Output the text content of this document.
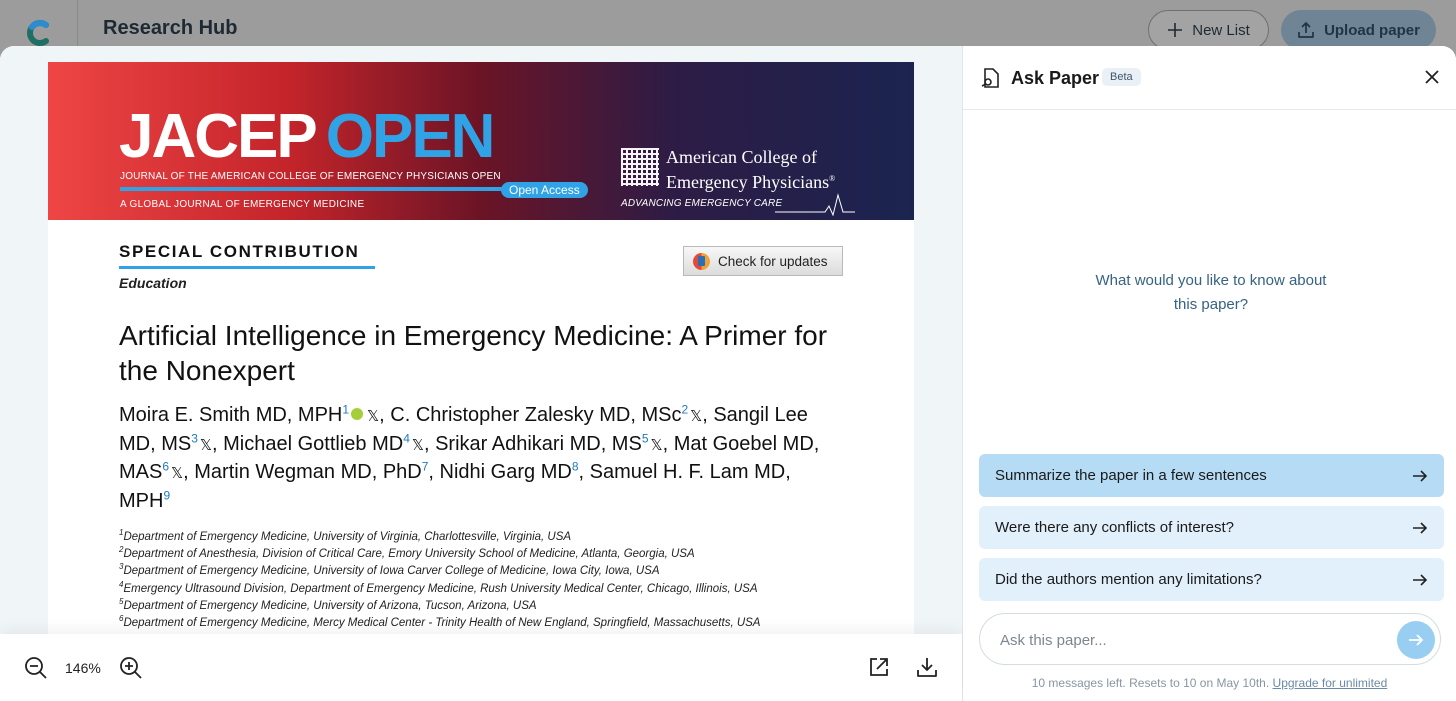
Research Hub	New List	Upload paper
JACEP OPEN
JOURNAL OF THE AMERICAN COLLEGE OF EMERGENCY PHYSICIANS OPEN
Open Access
A GLOBAL JOURNAL OF EMERGENCY MEDICINE
American College of
Emergency Physicians®
ADVANCING EMERGENCY CARE
SPECIAL CONTRIBUTION
Education
Check for updates
Artificial Intelligence in Emergency Medicine: A Primer for the Nonexpert
Moira E. Smith MD, MPH$^1$ 𝕏, C. Christopher Zalesky MD, MSc$^2$ 𝕏, Sangil Lee MD, $MS^3$ 𝕏, Michael Gottlieb $MD^4$ 𝕏, Srikar Adhikari MD, $MS^5$ 𝕏, Mat Goebel MD, MAS$^6$ 𝕏, Martin Wegman MD, PhD$^7$, Nidhi Garg $MD^8$, Samuel H. F. Lam MD, MPH$^9$
$^1$Department of Emergency Medicine, University of Virginia, Charlottesville, Virginia, USA
$^2$Department of Anesthesia, Division of Critical Care, Emory University School of Medicine, Atlanta, Georgia, USA
$^3$Department of Emergency Medicine, University of Iowa Carver College of Medicine, Iowa City, Iowa, USA
$^4$Emergency Ultrasound Division, Department of Emergency Medicine, Rush University Medical Center, Chicago, Illinois, USA
$^5$Department of Emergency Medicine, University of Arizona, Tucson, Arizona, USA
$^6$Department of Emergency Medicine, Mercy Medical Center - Trinity Health of New England, Springfield, Massachusetts, USA
146%
Ask Paper Beta
What would you like to know about this paper?
Summarize the paper in a few sentences
Were there any conflicts of interest?
Did the authors mention any limitations?
Ask this paper...
10 messages left. Resets to 10 on May 10th. Upgrade for unlimited
